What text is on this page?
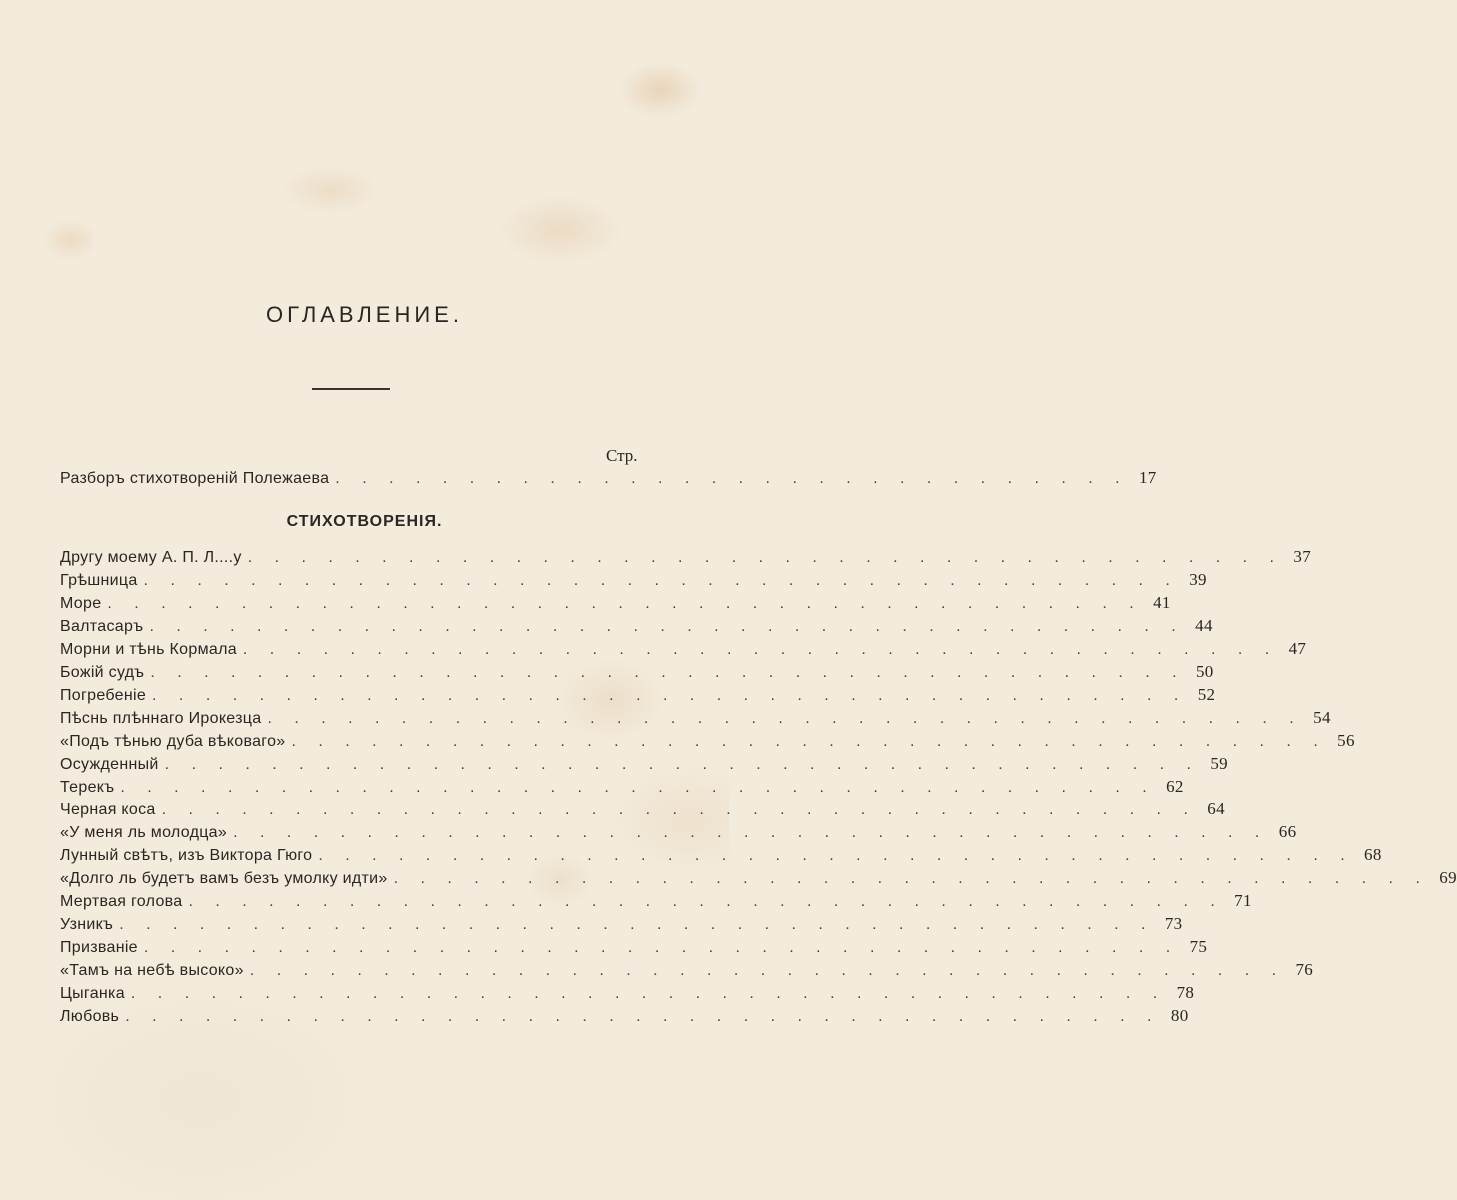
ОГЛАВЛЕНИЕ.
Стр.
Разборъ стихотворенiй Полежаева . . . . . . . . . . . . . . . . . . . . . . . . . . . . . . 17
СТИХОТВОРЕНIЯ.
Другу моему А. П. Л....у . . . . . . . . . . . . . . . . . . . . . . . . . . . . . . . . . . . . . . . 37
Грѣшница . . . . . . . . . . . . . . . . . . . . . . . . . . . . . . . . . . . . . . . 39
Море . . . . . . . . . . . . . . . . . . . . . . . . . . . . . . . . . . . . . . . 41
Валтасаръ . . . . . . . . . . . . . . . . . . . . . . . . . . . . . . . . . . . . . . . 44
Морни и тѣнь Кормала . . . . . . . . . . . . . . . . . . . . . . . . . . . . . . . . . . . . . . . 47
Божiй судъ . . . . . . . . . . . . . . . . . . . . . . . . . . . . . . . . . . . . . . . 50
Погребенiе . . . . . . . . . . . . . . . . . . . . . . . . . . . . . . . . . . . . . . . 52
Пѣснь плѣннаго Ирокезца . . . . . . . . . . . . . . . . . . . . . . . . . . . . . . . . . . . . . . . 54
«Подъ тѣнью дуба вѣковаго» . . . . . . . . . . . . . . . . . . . . . . . . . . . . . . . . . . . . . . . 56
Осужденный . . . . . . . . . . . . . . . . . . . . . . . . . . . . . . . . . . . . . . . 59
Терекъ . . . . . . . . . . . . . . . . . . . . . . . . . . . . . . . . . . . . . . . 62
Черная коса . . . . . . . . . . . . . . . . . . . . . . . . . . . . . . . . . . . . . . . 64
«У меня ль молодца» . . . . . . . . . . . . . . . . . . . . . . . . . . . . . . . . . . . . . . . 66
Лунный свѣтъ, изъ Виктора Гюго . . . . . . . . . . . . . . . . . . . . . . . . . . . . . . . . . . . . . . . 68
«Долго ль будетъ вамъ безъ умолку идти» . . . . . . . . . . . . . . . . . . . . . . . . . . . . . . . . . . . . . . . 69
Мертвая голова . . . . . . . . . . . . . . . . . . . . . . . . . . . . . . . . . . . . . . . 71
Узникъ . . . . . . . . . . . . . . . . . . . . . . . . . . . . . . . . . . . . . . . 73
Призванiе . . . . . . . . . . . . . . . . . . . . . . . . . . . . . . . . . . . . . . . 75
«Тамъ на небѣ высоко» . . . . . . . . . . . . . . . . . . . . . . . . . . . . . . . . . . . . . . . 76
Цыганка . . . . . . . . . . . . . . . . . . . . . . . . . . . . . . . . . . . . . . . 78
Любовь . . . . . . . . . . . . . . . . . . . . . . . . . . . . . . . . . . . . . . . 80
